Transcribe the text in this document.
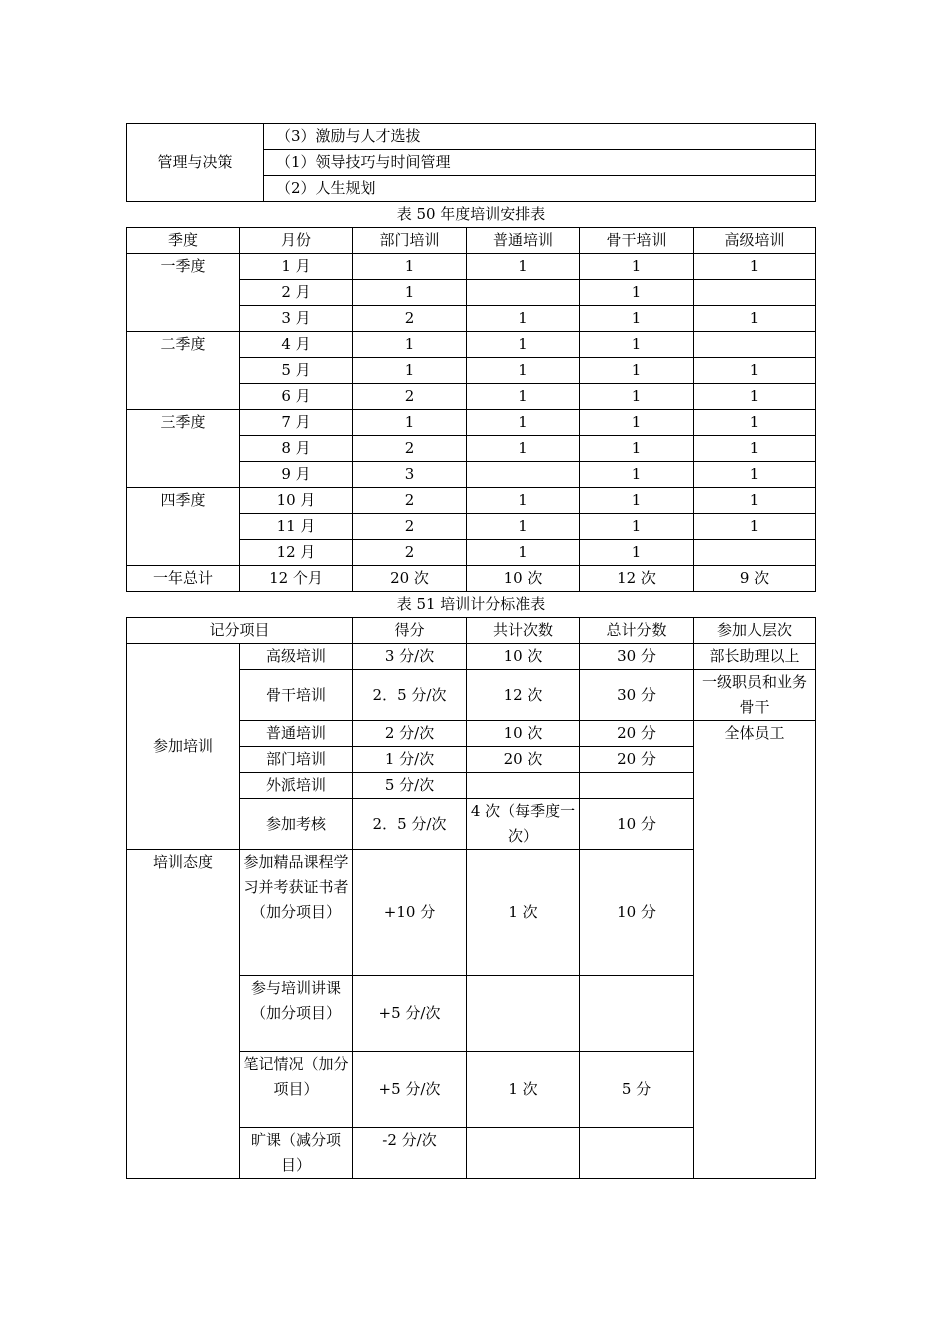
管理与决策	（3）激励与人才选拔
（1）领导技巧与时间管理
（2）人生规划
表 50 年度培训安排表
季度	月份	部门培训	普通培训	骨干培训	高级培训
一季度	1 月	1	1	1	1
	2 月	1		1	
	3 月	2	1	1	1
二季度	4 月	1	1	1	
	5 月	1	1	1	1
	6 月	2	1	1	1
三季度	7 月	1	1	1	1
	8 月	2	1	1	1
	9 月	3		1	1
四季度	10 月	2	1	1	1
	11 月	2	1	1	1
	12 月	2	1	1	
一年总计	12 个月	20 次	10 次	12 次	9 次
表 51 培训计分标准表
记分项目		得分	共计次数	总计分数	参加人层次
参加培训	高级培训	3 分/次	10 次	30 分	部长助理以上
	骨干培训	2．5 分/次	12 次	30 分	一级职员和业务骨干
	普通培训	2 分/次	10 次	20 分	全体员工
	部门培训	1 分/次	20 次	20 分	
	外派培训	5 分/次			
	参加考核	2．5 分/次	4 次（每季度一次）	10 分	
培训态度	参加精品课程学习并考获证书者（加分项目）	+10 分	1 次	10 分	
	参与培训讲课（加分项目）	+5 分/次			
	笔记情况（加分项目）	+5 分/次	1 次	5 分	
	旷课（减分项目）	-2 分/次			
